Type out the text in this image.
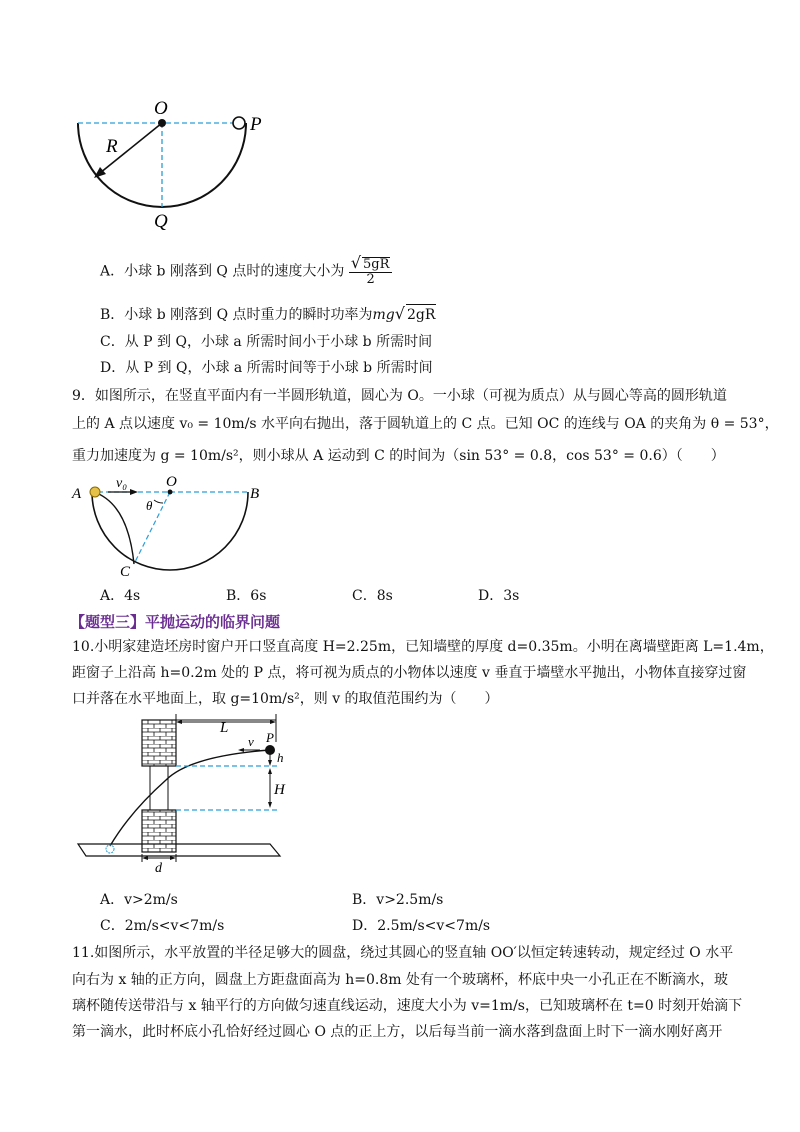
O
P
R
Q
A．小球 b 刚落到 Q 点时的速度大小为 $\frac{√ 5gR}{2}$
B．小球 b 刚落到 Q 点时重力的瞬时功率为mg√ 2gR
C．从 P 到 Q，小球 a 所需时间小于小球 b 所需时间
D．从 P 到 Q，小球 a 所需时间等于小球 b 所需时间
9．如图所示，在竖直平面内有一半圆形轨道，圆心为 O。一小球（可视为质点）从与圆心等高的圆形轨道
上的 A 点以速度 v₀ = 10m/s 水平向右抛出，落于圆轨道上的 C 点。已知 OC 的连线与 OA 的夹角为 θ = 53°，
重力加速度为 g = 10m/s²，则小球从 A 运动到 C 的时间为（sin 53° = 0.8，cos 53° = 0.6）（　　）
A
v₀	O
B
θ
C
A．4s	B．6s	C．8s	D．3s
【题型三】平抛运动的临界问题
10.小明家建造坯房时窗户开口竖直高度 H=2.25m，已知墙壁的厚度 d=0.35m。小明在离墙壁距离 L=1.4m，
距窗子上沿高 h=0.2m 处的 P 点，将可视为质点的小物体以速度 v 垂直于墙壁水平抛出，小物体直接穿过窗
口并落在水平地面上，取 g=10m/s²，则 v 的取值范围约为（　　）
L
v P
h
H
d
A．v>2m/s	B．v>2.5m/s
C．2m/s<v<7m/s	D．2.5m/s<v<7m/s
11.如图所示，水平放置的半径足够大的圆盘，绕过其圆心的竖直轴 OO′以恒定转速转动，规定经过 O 水平
向右为 x 轴的正方向，圆盘上方距盘面高为 h=0.8m 处有一个玻璃杯，杯底中央一小孔正在不断滴水，玻
璃杯随传送带沿与 x 轴平行的方向做匀速直线运动，速度大小为 v=1m/s，已知玻璃杯在 t=0 时刻开始滴下
第一滴水，此时杯底小孔恰好经过圆心 O 点的正上方，以后每当前一滴水落到盘面上时下一滴水刚好离开
